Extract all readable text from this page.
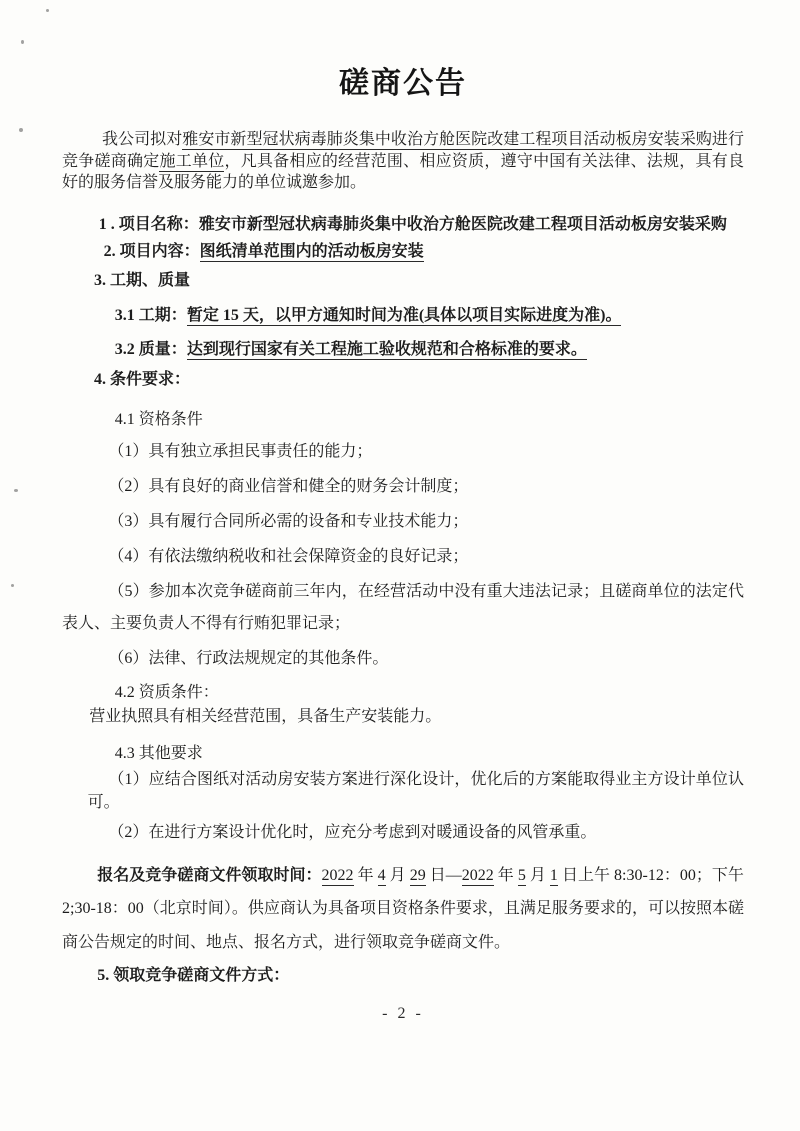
磋商公告

我公司拟对雅安市新型冠状病毒肺炎集中收治方舱医院改建工程项目活动板房安装采购进行竞争磋商确定施工单位，凡具备相应的经营范围、相应资质，遵守中国有关法律、法规，具有良好的服务信誉及服务能力的单位诚邀参加。

1 . 项目名称：雅安市新型冠状病毒肺炎集中收治方舱医院改建工程项目活动板房安装采购

2. 项目内容：图纸清单范围内的活动板房安装

3. 工期、质量

3.1 工期：暂定 15 天，以甲方通知时间为准(具体以项目实际进度为准)。

3.2 质量：达到现行国家有关工程施工验收规范和合格标准的要求。

4. 条件要求：

4.1 资格条件

（1）具有独立承担民事责任的能力；

（2）具有良好的商业信誉和健全的财务会计制度；

（3）具有履行合同所必需的设备和专业技术能力；

（4）有依法缴纳税收和社会保障资金的良好记录；

（5）参加本次竞争磋商前三年内，在经营活动中没有重大违法记录；且磋商单位的法定代表人、主要负责人不得有行贿犯罪记录；

（6）法律、行政法规规定的其他条件。

4.2 资质条件：

营业执照具有相关经营范围，具备生产安装能力。

4.3 其他要求

（1）应结合图纸对活动房安装方案进行深化设计，优化后的方案能取得业主方设计单位认可。

（2）在进行方案设计优化时，应充分考虑到对暖通设备的风管承重。

报名及竞争磋商文件领取时间：2022 年 4 月 29 日—2022 年 5 月 1 日上午 8:30-12：00；下午 2;30-18：00（北京时间）。供应商认为具备项目资格条件要求，且满足服务要求的，可以按照本磋商公告规定的时间、地点、报名方式，进行领取竞争磋商文件。

5. 领取竞争磋商文件方式：

- 2 -
